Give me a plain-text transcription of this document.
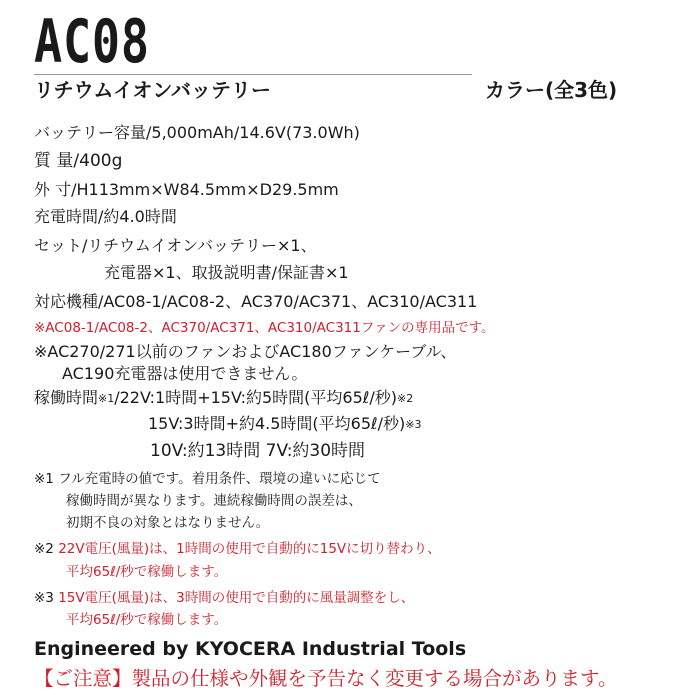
AC08
リチウムイオンバッテリー	カラー(全3色)
バッテリー容量/5,000mAh/14.6V(73.0Wh)
質 量/400g
外 寸/H113mm×W84.5mm×D29.5mm
充電時間/約4.0時間
セット/リチウムイオンバッテリー×1、
充電器×1、取扱説明書/保証書×1
対応機種/AC08-1/AC08-2、AC370/AC371、AC310/AC311
※AC08-1/AC08-2、AC370/AC371、AC310/AC311ファンの専用品です。
※AC270/271以前のファンおよびAC180ファンケーブル、
AC190充電器は使用できません。
稼働時間$^{※1}$/22V:1時間+15V:約5時間(平均65ℓ/秒)$^{※2}$
15V:3時間+約4.5時間(平均65ℓ/秒)$^{※3}$
10V:約13時間 7V:約30時間
※1 フル充電時の値です。着用条件、環境の違いに応じて
稼働時間が異なります。連続稼働時間の誤差は、
初期不良の対象とはなりません。
※2 22V電圧(風量)は、1時間の使用で自動的に15Vに切り替わり、
平均65ℓ/秒で稼働します。
※3 15V電圧(風量)は、3時間の使用で自動的に風量調整をし、
平均65ℓ/秒で稼働します。
Engineered by KYOCERA Industrial Tools
【ご注意】製品の仕様や外観を予告なく変更する場合があります。
